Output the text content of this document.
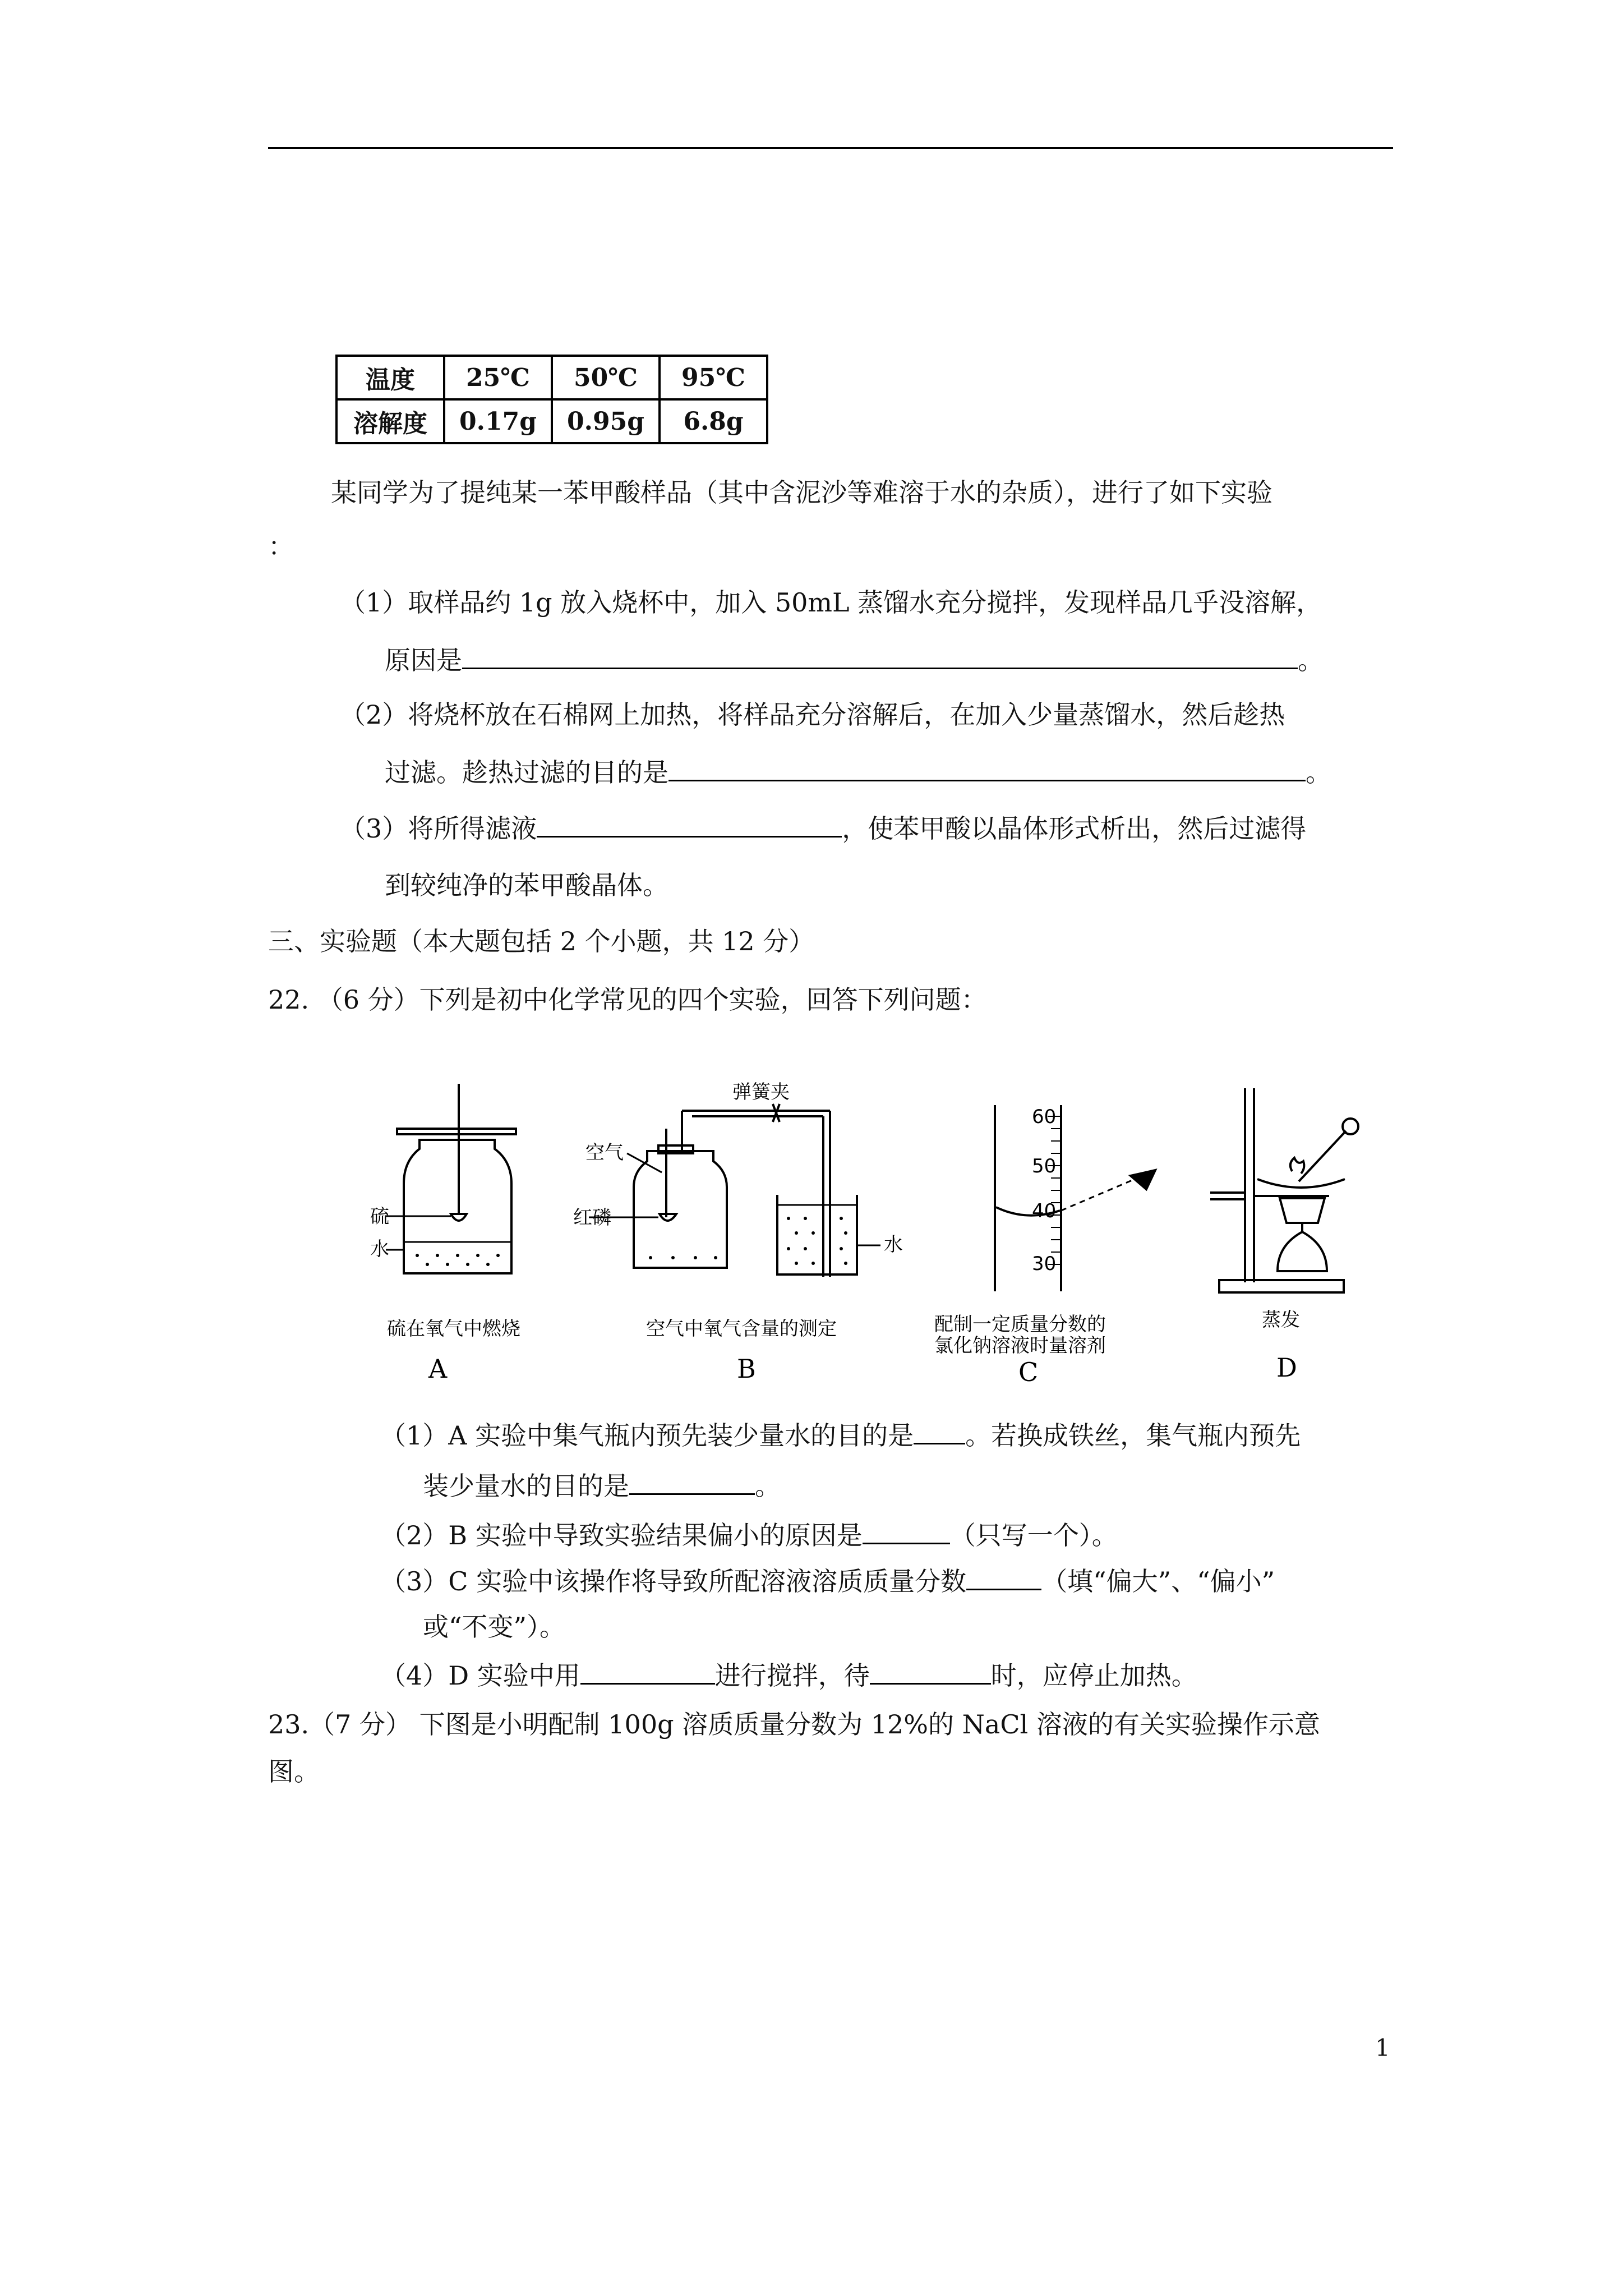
温度	25℃	50℃	95℃
溶解度	0.17g	0.95g	6.8g
某同学为了提纯某一苯甲酸样品（其中含泥沙等难溶于水的杂质），进行了如下实验
：
（1）取样品约 1g 放入烧杯中，加入 50mL 蒸馏水充分搅拌，发现样品几乎没溶解，
原因是	。
（2）将烧杯放在石棉网上加热，将样品充分溶解后，在加入少量蒸馏水，然后趁热
过滤。趁热过滤的目的是	。
（3）将所得滤液	，使苯甲酸以晶体形式析出，然后过滤得
到较纯净的苯甲酸晶体。
三、实验题（本大题包括 2 个小题，共 12 分）
22. （6 分）下列是初中化学常见的四个实验，回答下列问题：
硫
水
硫在氧气中燃烧
A
弹簧夹
空气
红磷
水
空气中氧气含量的测定
B
60
50
40
30
配制一定质量分数的
氯化钠溶液时量溶剂
C
蒸发
D
（1）A 实验中集气瓶内预先装少量水的目的是 。若换成铁丝，集气瓶内预先
装少量水的目的是	。
（2）B 实验中导致实验结果偏小的原因是	（只写一个）。
（3）C 实验中该操作将导致所配溶液溶质质量分数	（填“偏大”、“偏小”
或“不变”）。
（4）D 实验中用	进行搅拌，待	时，应停止加热。
23.（7 分） 下图是小明配制 100g 溶质质量分数为 12%的 NaCl 溶液的有关实验操作示意
图。
1
